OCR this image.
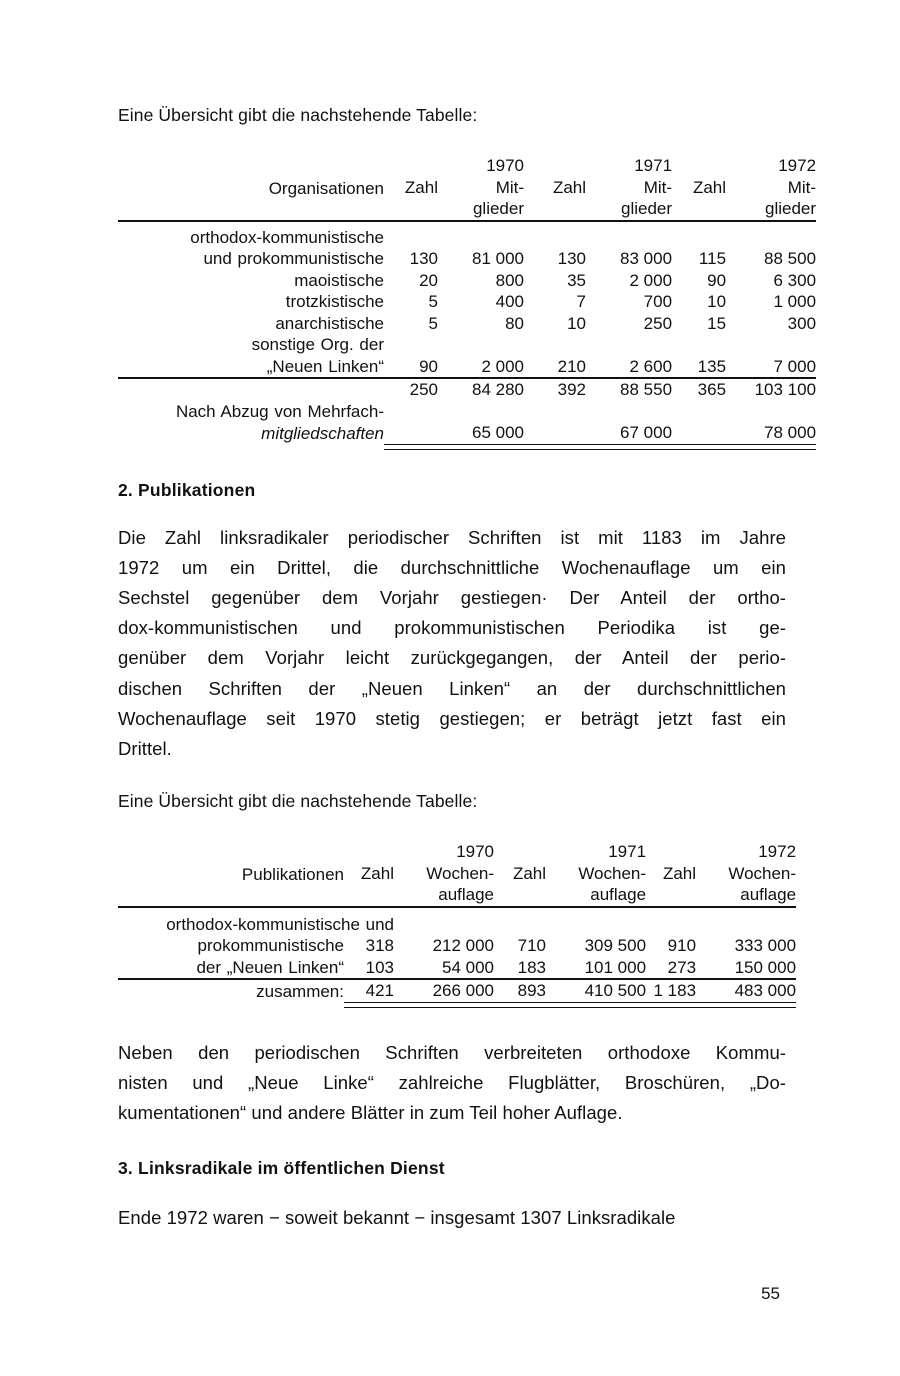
Eine Übersicht gibt die nachstehende Tabelle:

	1970		1971		1972	
Organisationen	Zahl	Mit-	Zahl	Mit-	Zahl	Mit-
		glieder		glieder		glieder
orthodox-kommunistische						
und prokommunistische	130	81 000	130	83 000	115	88 500
maoistische	20	800	35	2 000	90	6 300
trotzkistische	5	400	7	700	10	1 000
anarchistische	5	80	10	250	15	300
sonstige Org. der						
„Neuen Linken“	90	2 000	210	2 600	135	7 000
	250	84 280	392	88 550	365	103 100
Nach Abzug von Mehrfach-						
mitgliedschaften		65 000		67 000		78 000

2. Publikationen
Die Zahl linksradikaler periodischer Schriften ist mit 1183 im Jahre
1972 um ein Drittel, die durchschnittliche Wochenauflage um ein
Sechstel gegenüber dem Vorjahr gestiegen· Der Anteil der ortho-
dox-kommunistischen und prokommunistischen Periodika ist ge-
genüber dem Vorjahr leicht zurückgegangen, der Anteil der perio-
dischen Schriften der „Neuen Linken“ an der durchschnittlichen
Wochenauflage seit 1970 stetig gestiegen; er beträgt jetzt fast ein
Drittel.

Eine Übersicht gibt die nachstehende Tabelle:

	1970		1971		1972	
Publikationen	Zahl	Wochen-	Zahl	Wochen-	Zahl	Wochen-
		auflage		auflage		auflage
orthodox-kommunistische und						
prokommunistische	318	212 000	710	309 500	910	333 000
der „Neuen Linken“	103	54 000	183	101 000	273	150 000
zusammen:	421	266 000	893	410 500	1 183	483 000

Neben den periodischen Schriften verbreiteten orthodoxe Kommu-
nisten und „Neue Linke“ zahlreiche Flugblätter, Broschüren, „Do-
kumentationen“ und andere Blätter in zum Teil hoher Auflage.
3. Linksradikale im öffentlichen Dienst
Ende 1972 waren − soweit bekannt − insgesamt 1307 Linksradikale
55
